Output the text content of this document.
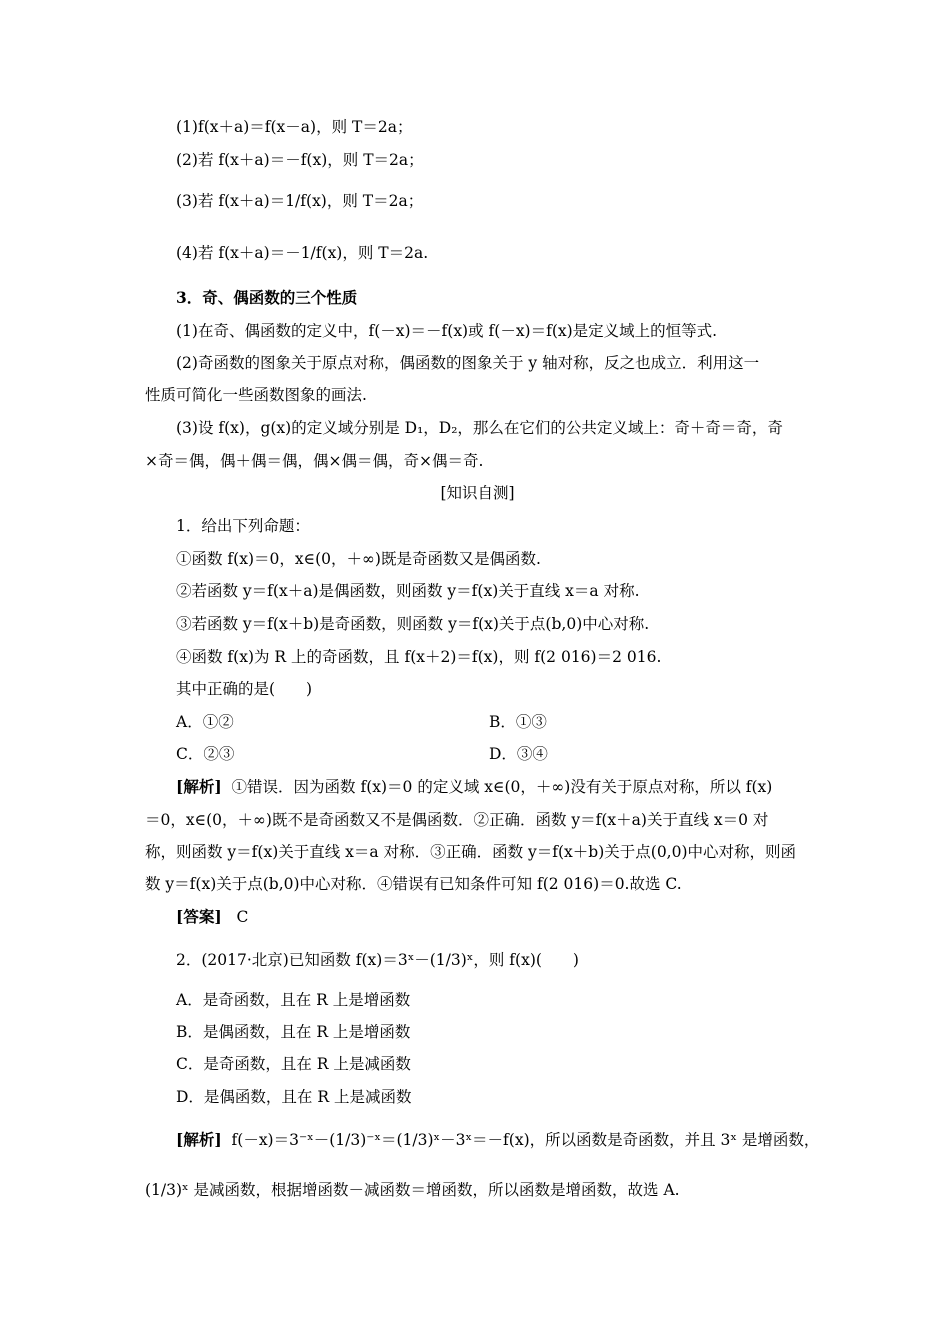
(1)f(x＋a)＝f(x－a)，则 T＝2a；
(2)若 f(x＋a)＝－f(x)，则 T＝2a；
(3)若 f(x＋a)＝1/f(x)，则 T＝2a；
(4)若 f(x＋a)＝－1/f(x)，则 T＝2a.
3．奇、偶函数的三个性质
(1)在奇、偶函数的定义中，f(－x)＝－f(x)或 f(－x)＝f(x)是定义域上的恒等式.
(2)奇函数的图象关于原点对称，偶函数的图象关于 y 轴对称，反之也成立．利用这一
性质可简化一些函数图象的画法.
(3)设 f(x)，g(x)的定义域分别是 D₁，D₂，那么在它们的公共定义域上：奇＋奇＝奇，奇
×奇＝偶，偶＋偶＝偶，偶×偶＝偶，奇×偶＝奇.
[知识自测]
1．给出下列命题：
①函数 f(x)＝0，x∈(0，＋∞)既是奇函数又是偶函数.
②若函数 y＝f(x＋a)是偶函数，则函数 y＝f(x)关于直线 x＝a 对称.
③若函数 y＝f(x＋b)是奇函数，则函数 y＝f(x)关于点(b,0)中心对称.
④函数 f(x)为 R 上的奇函数，且 f(x＋2)＝f(x)，则 f(2 016)＝2 016.
其中正确的是(　　)
A．①②	B．①③
C．②③	D．③④
[解析] ①错误．因为函数 f(x)＝0 的定义域 x∈(0，＋∞)没有关于原点对称，所以 f(x)
＝0，x∈(0，＋∞)既不是奇函数又不是偶函数．②正确．函数 y＝f(x＋a)关于直线 x＝0 对
称，则函数 y＝f(x)关于直线 x＝a 对称．③正确．函数 y＝f(x＋b)关于点(0,0)中心对称，则函
数 y＝f(x)关于点(b,0)中心对称．④错误有已知条件可知 f(2 016)＝0.故选 C.
[答案] C
2．(2017·北京)已知函数 f(x)＝3ˣ－(1/3)ˣ，则 f(x)(　　)
A．是奇函数，且在 R 上是增函数
B．是偶函数，且在 R 上是增函数
C．是奇函数，且在 R 上是减函数
D．是偶函数，且在 R 上是减函数
[解析] f(－x)＝3⁻ˣ－(1/3)⁻ˣ＝(1/3)ˣ－3ˣ＝－f(x)，所以函数是奇函数，并且 3ˣ 是增函数，
(1/3)ˣ 是减函数，根据增函数－减函数＝增函数，所以函数是增函数，故选 A.
